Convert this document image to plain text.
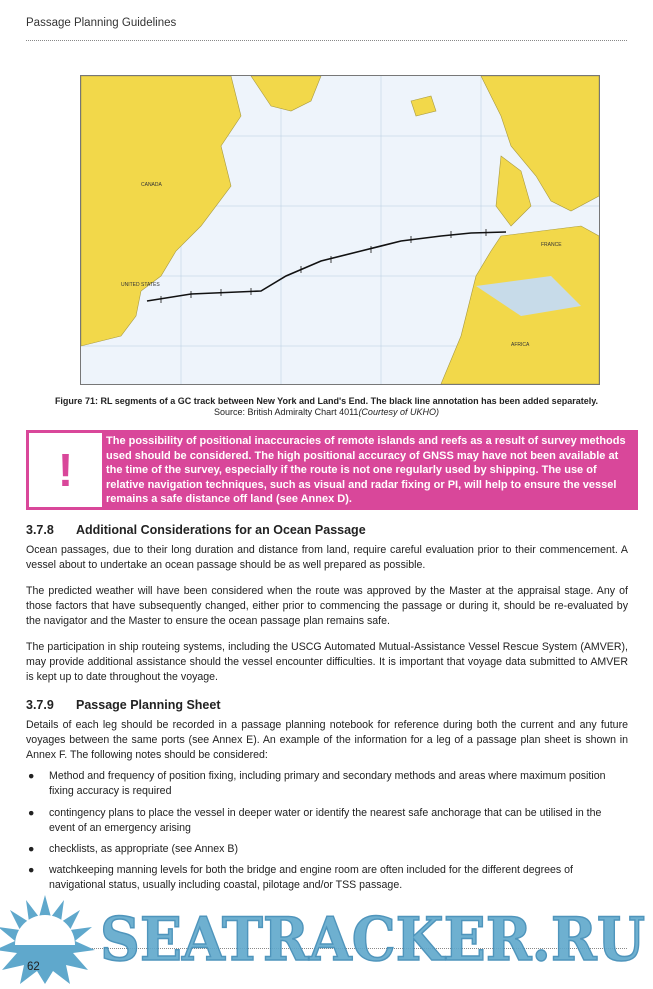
Passage Planning Guidelines
CANADA
UNITED STATES
FRANCE
AFRICA
Figure 71: RL segments of a GC track between New York and Land's End. The black line annotation has been added separately.
Source: British Admiralty Chart 4011(Courtesy of UKHO)
!
The possibility of positional inaccuracies of remote islands and reefs as a result of survey methods used should be considered. The high positional accuracy of GNSS may have not been available at the time of the survey, especially if the route is not one regularly used by shipping. The use of relative navigation techniques, such as visual and radar fixing or PI, will help to ensure the vessel remains a safe distance off land (see Annex D).
3.7.8 Additional Considerations for an Ocean Passage
Ocean passages, due to their long duration and distance from land, require careful evaluation prior to their commencement. A vessel about to undertake an ocean passage should be as well prepared as possible.
The predicted weather will have been considered when the route was approved by the Master at the appraisal stage. Any of those factors that have subsequently changed, either prior to commencing the passage or during it, should be re-evaluated by the navigator and the Master to ensure the ocean passage plan remains safe.
The participation in ship routeing systems, including the USCG Automated Mutual-Assistance Vessel Rescue System (AMVER), may provide additional assistance should the vessel encounter difficulties. It is important that voyage data submitted to AMVER is kept up to date throughout the voyage.
3.7.9 Passage Planning Sheet
Details of each leg should be recorded in a passage planning notebook for reference during both the current and any future voyages between the same ports (see Annex E). An example of the information for a leg of a passage plan sheet is shown in Annex F. The following notes should be considered:
● Method and frequency of position fixing, including primary and secondary methods and areas where maximum position fixing accuracy is required
● contingency plans to place the vessel in deeper water or identify the nearest safe anchorage that can be utilised in the event of an emergency arising
● checklists, as appropriate (see Annex B)
● watchkeeping manning levels for both the bridge and engine room are often included for the different degrees of navigational status, usually including coastal, pilotage and/or TSS passage.
SEATRACKER.RU
62
